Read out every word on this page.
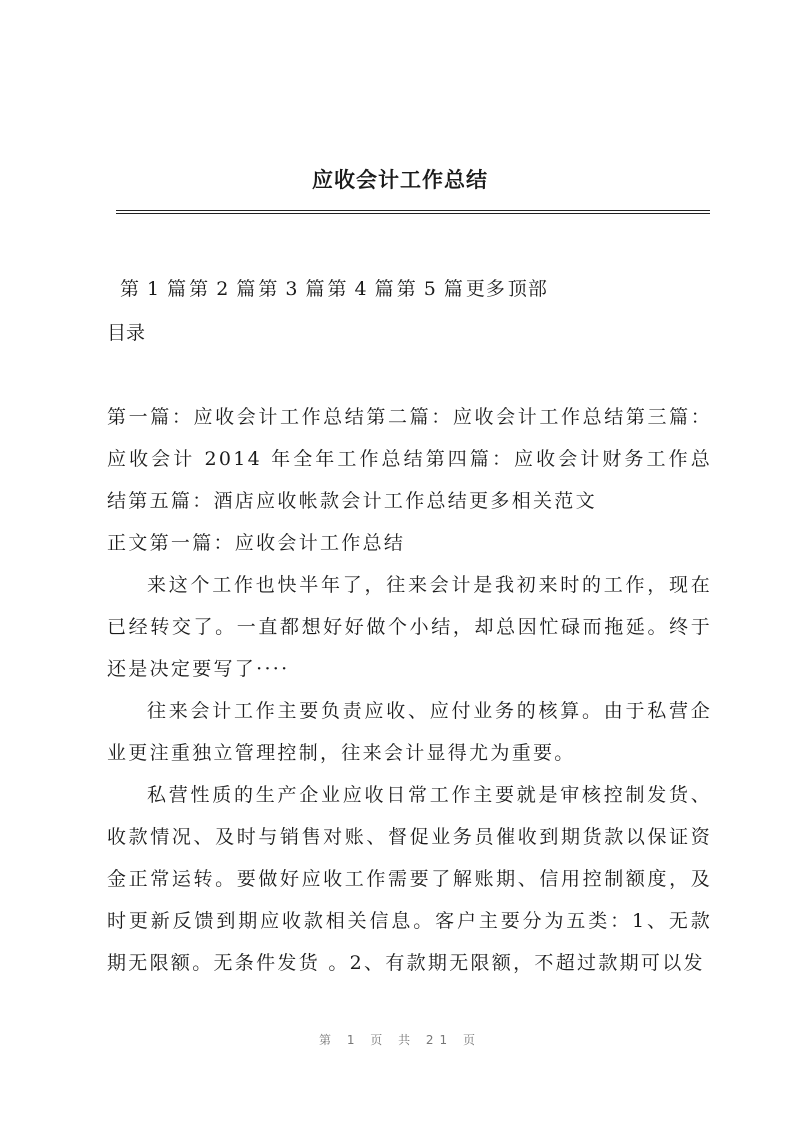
应收会计工作总结
第 1 篇 第 2 篇 第 3 篇 第 4 篇 第 5 篇 更多 顶部
目录

第一篇：应收会计工作总结第二篇：应收会计工作总结第三篇：应收会计 2014 年全年工作总结第四篇：应收会计财务工作总结第五篇：酒店应收帐款会计工作总结更多相关范文

正文第一篇：应收会计工作总结

来这个工作也快半年了，往来会计是我初来时的工作，现在已经转交了。一直都想好好做个小结，却总因忙碌而拖延。终于还是决定要写了····

往来会计工作主要负责应收、应付业务的核算。由于私营企业更注重独立管理控制，往来会计显得尤为重要。

私营性质的生产企业应收日常工作主要就是审核控制发货、收款情况、及时与销售对账、督促业务员催收到期货款以保证资金正常运转。要做好应收工作需要了解账期、信用控制额度，及时更新反馈到期应收款相关信息。客户主要分为五类：1、无款期无限额。无条件发货 。2、有款期无限额，不超过款期可以发

第 1 页 共 21 页
